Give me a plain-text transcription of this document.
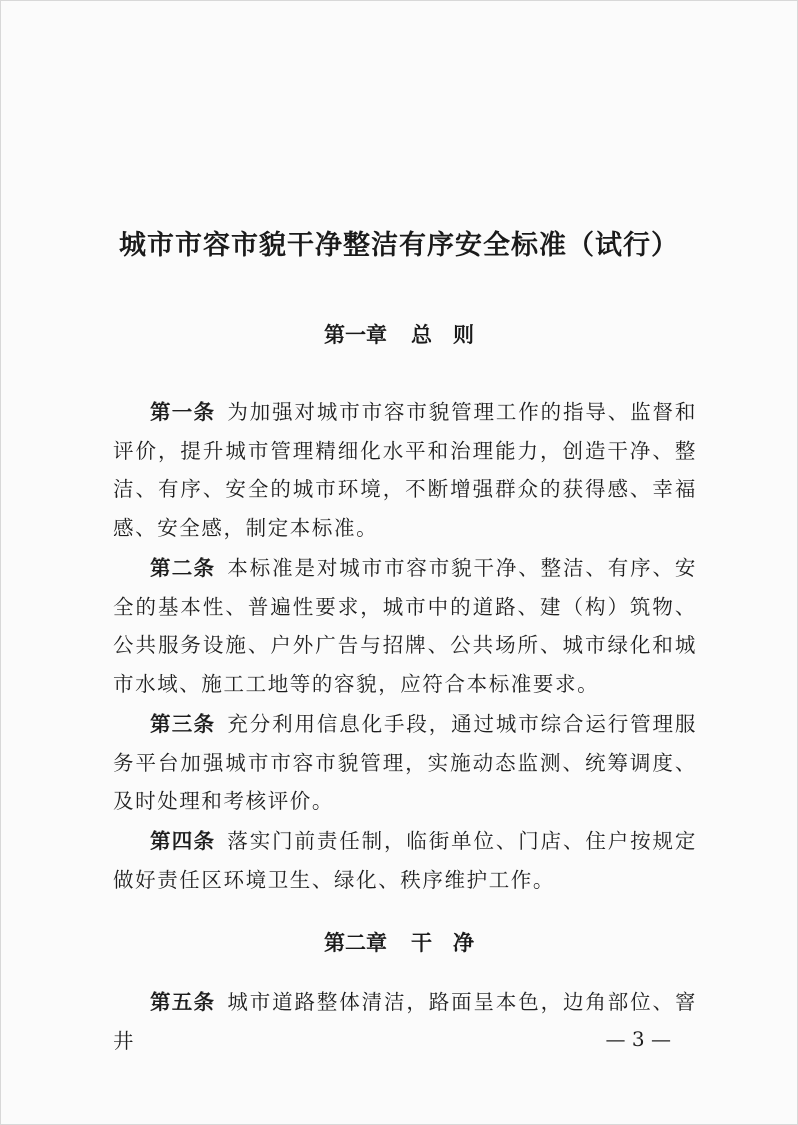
城市市容市貌干净整洁有序安全标准（试行）
第一章 总　则

第一条 为加强对城市市容市貌管理工作的指导、监督和评价，提升城市管理精细化水平和治理能力，创造干净、整洁、有序、安全的城市环境，不断增强群众的获得感、幸福感、安全感，制定本标准。

第二条 本标准是对城市市容市貌干净、整洁、有序、安全的基本性、普遍性要求，城市中的道路、建（构）筑物、公共服务设施、户外广告与招牌、公共场所、城市绿化和城市水域、施工工地等的容貌，应符合本标准要求。

第三条 充分利用信息化手段，通过城市综合运行管理服务平台加强城市市容市貌管理，实施动态监测、统筹调度、及时处理和考核评价。

第四条 落实门前责任制，临街单位、门店、住户按规定做好责任区环境卫生、绿化、秩序维护工作。

第二章 干　净

第五条 城市道路整体清洁，路面呈本色，边角部位、窨井	— 3 —
